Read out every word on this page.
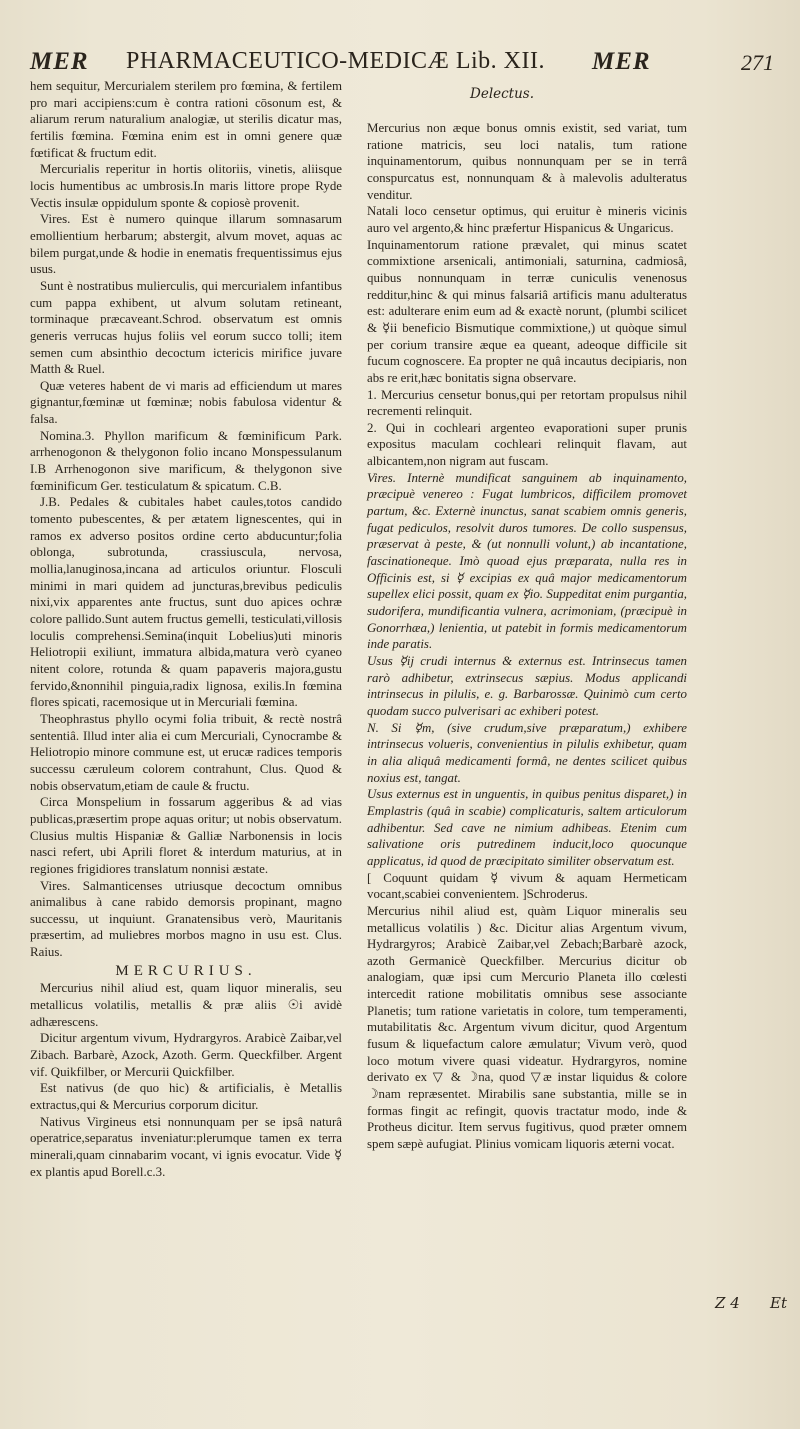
MER PHARMACEUTICO-MEDICÆ Lib. XII. MER	271

hem sequitur, Mercurialem sterilem pro fœmina, & fertilem pro mari accipiens:cum è contra rationi cōsonum est, & aliarum rerum naturalium analogiæ, ut sterilis dicatur mas, fertilis fœmina. Fœmina enim est in omni genere quæ fœtificat & fructum edit.

Mercurialis reperitur in hortis olitoriis, vinetis, aliisque locis humentibus ac umbrosis.In maris littore prope Ryde Vectis insulæ oppidulum sponte & copiosè provenit.

Vires. Est è numero quinque illarum somnasarum emollientium herbarum; abstergit, alvum movet, aquas ac bilem purgat,unde & hodie in enematis frequentissimus ejus usus.

Sunt è nostratibus mulierculis, qui mercurialem infantibus cum pappa exhibent, ut alvum solutam retineant, torminaque præcaveant.Schrod. observatum est omnis generis verrucas hujus foliis vel eorum succo tolli; item semen cum absinthio decoctum ictericis mirifice juvare Matth & Ruel.

Quæ veteres habent de vi maris ad efficiendum ut mares gignantur,fœminæ ut fœminæ; nobis fabulosa videntur & falsa.

Nomina.3. Phyllon marificum & fœminificum Park. arrhenogonon & thelygonon folio incano Monspessulanum I.B Arrhenogonon sive marificum, & thelygonon sive fœminificum Ger. testiculatum & spicatum. C.B.

J.B. Pedales & cubitales habet caules,totos candido tomento pubescentes, & per ætatem lignescentes, qui in ramos ex adverso positos ordine certo abducuntur;folia oblonga, subrotunda, crassiuscula, nervosa, mollia,lanuginosa,incana ad articulos oriuntur. Flosculi minimi in mari quidem ad juncturas,brevibus pediculis nixi,vix apparentes ante fructus, sunt duo apices ochræ colore pallido.Sunt autem fructus gemelli, testiculati,villosis loculis comprehensi.Semina(inquit Lobelius)uti minoris Heliotropii exiliunt, immatura albida,matura verò cyaneo nitent colore, rotunda & quam papaveris majora,gustu fervido,&nonnihil pinguia,radix lignosa, exilis.In fœmina flores spicati, racemosique ut in Mercuriali fœmina.

Theophrastus phyllo ocymi folia tribuit, & rectè nostrâ sententiâ. Illud inter alia ei cum Mercuriali, Cynocrambe & Heliotropio minore commune est, ut erucæ radices temporis successu cæruleum colorem contrahunt, Clus. Quod & nobis observatum,etiam de caule & fructu.

Circa Monspelium in fossarum aggeribus & ad vias publicas,præsertim prope aquas oritur; ut nobis observatum. Clusius multis Hispaniæ & Galliæ Narbonensis in locis nasci refert, ubi Aprili floret & interdum maturius, at in regiones frigidiores translatum nonnisi æstate.

Vires. Salmanticenses utriusque decoctum omnibus animalibus à cane rabido demorsis propinant, magno successu, ut inquiunt. Granatensibus verò, Mauritanis præsertim, ad muliebres morbos magno in usu est. Clus. Raius.

MERCURIUS.

Mercurius nihil aliud est, quam liquor mineralis, seu metallicus volatilis, metallis & præ aliis ☉i avidè adhærescens.

Dicitur argentum vivum, Hydrargyros. Arabicè Zaibar,vel Zibach. Barbarè, Azock, Azoth. Germ. Queckfilber. Argent vif. Quikfilber, or Mercurii Quickfilber.

Est nativus (de quo hic) & artificialis, è Metallis extractus,qui & Mercurius corporum dicitur.

Nativus Virgineus etsi nonnunquam per se ipsâ naturâ operatrice,separatus inveniatur:plerumque tamen ex terra minerali,quam cinnabarim vocant, vi ignis evocatur. Vide ☿ ex plantis apud Borell.c.3.

Delectus.

Mercurius non æque bonus omnis existit, sed variat, tum ratione matricis, seu loci natalis, tum ratione inquinamentorum, quibus nonnunquam per se in terrâ conspurcatus est, nonnunquam & à malevolis adulteratus venditur.

Natali loco censetur optimus, qui eruitur è mineris vicinis auro vel argento,& hinc præfertur Hispanicus & Ungaricus.

Inquinamentorum ratione prævalet, qui minus scatet commixtione arsenicali, antimoniali, saturnina, cadmiosâ, quibus nonnunquam in terræ cuniculis venenosus redditur,hinc & qui minus falsariâ artificis manu adulteratus est: adulterare enim eum ad & exactè norunt, (plumbi scilicet & ☿ii beneficio Bismutique commixtione,) ut quòque simul per corium transire æque ea queant, adeoque difficile sit fucum cognoscere. Ea propter ne quâ incautus decipiaris, non abs re erit,hæc bonitatis signa observare.

1. Mercurius censetur bonus,qui per retortam propulsus nihil recrementi relinquit.

2. Qui in cochleari argenteo evaporationi super prunis expositus maculam cochleari relinquit flavam, aut albicantem,non nigram aut fuscam.

Vires. Internè mundificat sanguinem ab inquinamento, præcipuè venereo : Fugat lumbricos, difficilem promovet partum, &c. Externè inunctus, sanat scabiem omnis generis, fugat pediculos, resolvit duros tumores. De collo suspensus, præservat à peste, & (ut nonnulli volunt,) ab incantatione, fascinationeque. Imò quoad ejus præparata, nulla res in Officinis est, si ☿ excipias ex quâ major medicamentorum supellex elici possit, quam ex ☿io. Suppeditat enim purgantia, sudorifera, mundificantia vulnera, acrimoniam, (præcipuè in Gonorrhæa,) lenientia, ut patebit in formis medicamentorum inde paratis.

Usus ☿ij crudi internus & externus est. Intrinsecus tamen rarò adhibetur, extrinsecus sæpius. Modus applicandi intrinsecus in pilulis, e. g. Barbarossæ. Quinimò cum certo quodam succo pulverisari ac exhiberi potest.

N. Si ☿m, (sive crudum,sive præparatum,) exhibere intrinsecus volueris, convenientius in pilulis exhibetur, quam in alia aliquâ medicamenti formâ, ne dentes scilicet quibus noxius est, tangat.

Usus externus est in unguentis, in quibus penitus disparet,) in Emplastris (quâ in scabie) complicaturis, saltem articulorum adhibentur. Sed cave ne nimium adhibeas. Etenim cum salivatione oris putredinem inducit,loco quocunque applicatus, id quod de præcipitato similiter observatum est.

[ Coquunt quidam ☿ vivum & aquam Hermeticam vocant,scabiei convenientem. ]Schroderus.

Mercurius nihil aliud est, quàm Liquor mineralis seu metallicus volatilis ) &c. Dicitur alias Argentum vivum, Hydrargyros; Arabicè Zaibar,vel Zebach;Barbarè azock, azoth Germanicè Queckfilber. Mercurius dicitur ob analogiam, quæ ipsi cum Mercurio Planeta illo cœlesti intercedit ratione mobilitatis omnibus sese associante Planetis; tum ratione varietatis in colore, tum temperamenti, mutabilitatis &c. Argentum vivum dicitur, quod Argentum fusum & liquefactum calore æmulatur; Vivum verò, quod loco motum vivere quasi videatur. Hydrargyros, nomine derivato ex ▽ & ☽na, quod ▽æ instar liquidus & colore ☽nam repræsentet. Mirabilis sane substantia, mille se in formas fingit ac refingit, quovis tractatur modo, inde & Protheus dicitur. Item servus fugitivus, quod præter omnem spem sæpè aufugiat. Plinius vomicam liquoris æterni vocat.

Z 4 Et
